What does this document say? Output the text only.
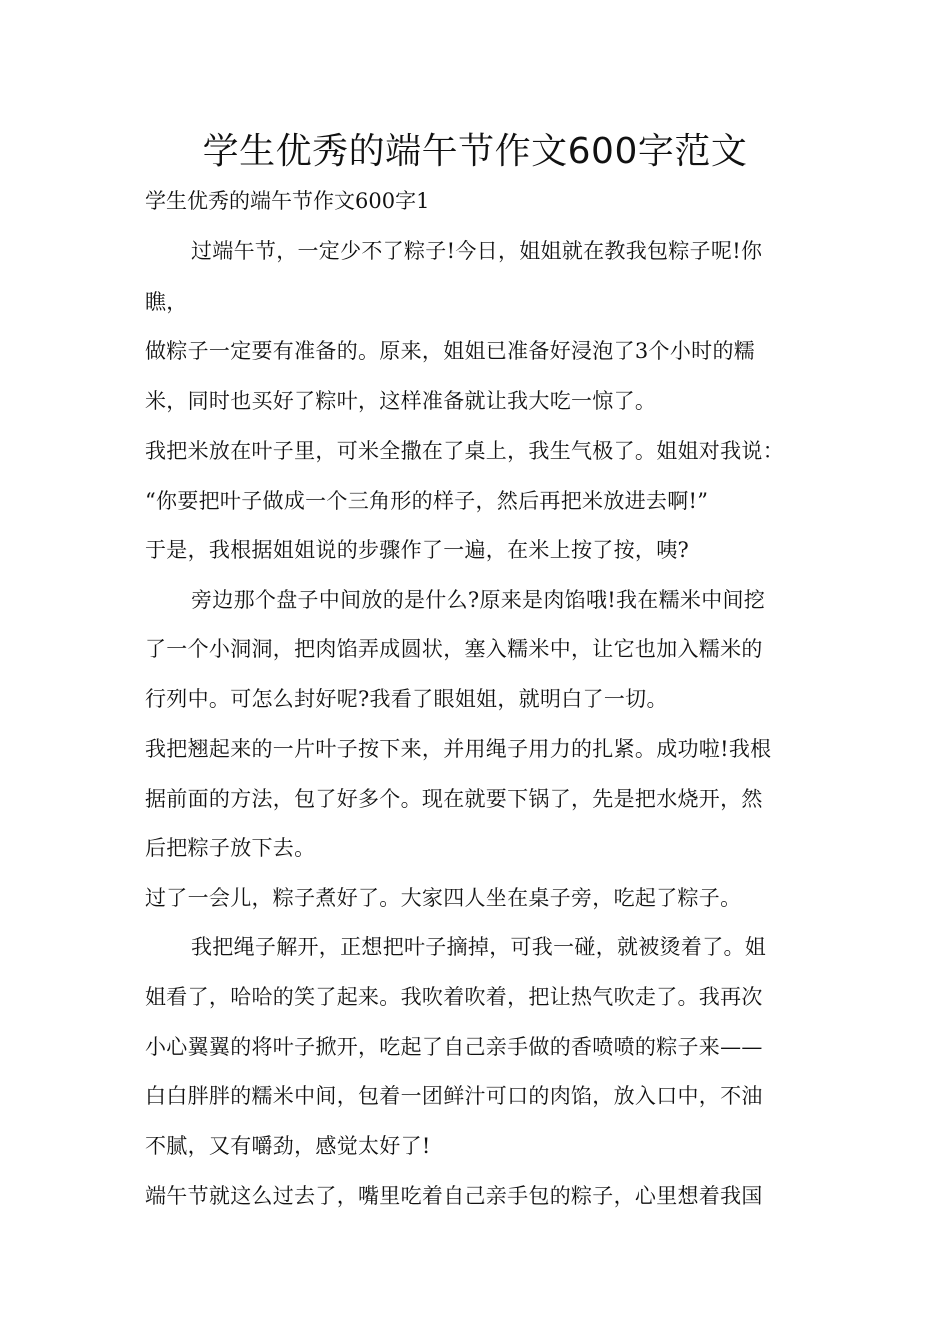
学生优秀的端午节作文600字范文
学生优秀的端午节作文600字1
过端午节，一定少不了粽子!今日，姐姐就在教我包粽子呢!你
瞧，
做粽子一定要有准备的。原来，姐姐已准备好浸泡了3个小时的糯
米，同时也买好了粽叶，这样准备就让我大吃一惊了。
我把米放在叶子里，可米全撒在了桌上，我生气极了。姐姐对我说：
“你要把叶子做成一个三角形的样子，然后再把米放进去啊!”
于是，我根据姐姐说的步骤作了一遍，在米上按了按，咦?
旁边那个盘子中间放的是什么?原来是肉馅哦!我在糯米中间挖
了一个小洞洞，把肉馅弄成圆状，塞入糯米中，让它也加入糯米的
行列中。可怎么封好呢?我看了眼姐姐，就明白了一切。
我把翘起来的一片叶子按下来，并用绳子用力的扎紧。成功啦!我根
据前面的方法，包了好多个。现在就要下锅了，先是把水烧开，然
后把粽子放下去。
过了一会儿，粽子煮好了。大家四人坐在桌子旁，吃起了粽子。
我把绳子解开，正想把叶子摘掉，可我一碰，就被烫着了。姐
姐看了，哈哈的笑了起来。我吹着吹着，把让热气吹走了。我再次
小心翼翼的将叶子掀开，吃起了自己亲手做的香喷喷的粽子来——
白白胖胖的糯米中间，包着一团鲜汁可口的肉馅，放入口中，不油
不腻，又有嚼劲，感觉太好了!
端午节就这么过去了，嘴里吃着自己亲手包的粽子，心里想着我国
